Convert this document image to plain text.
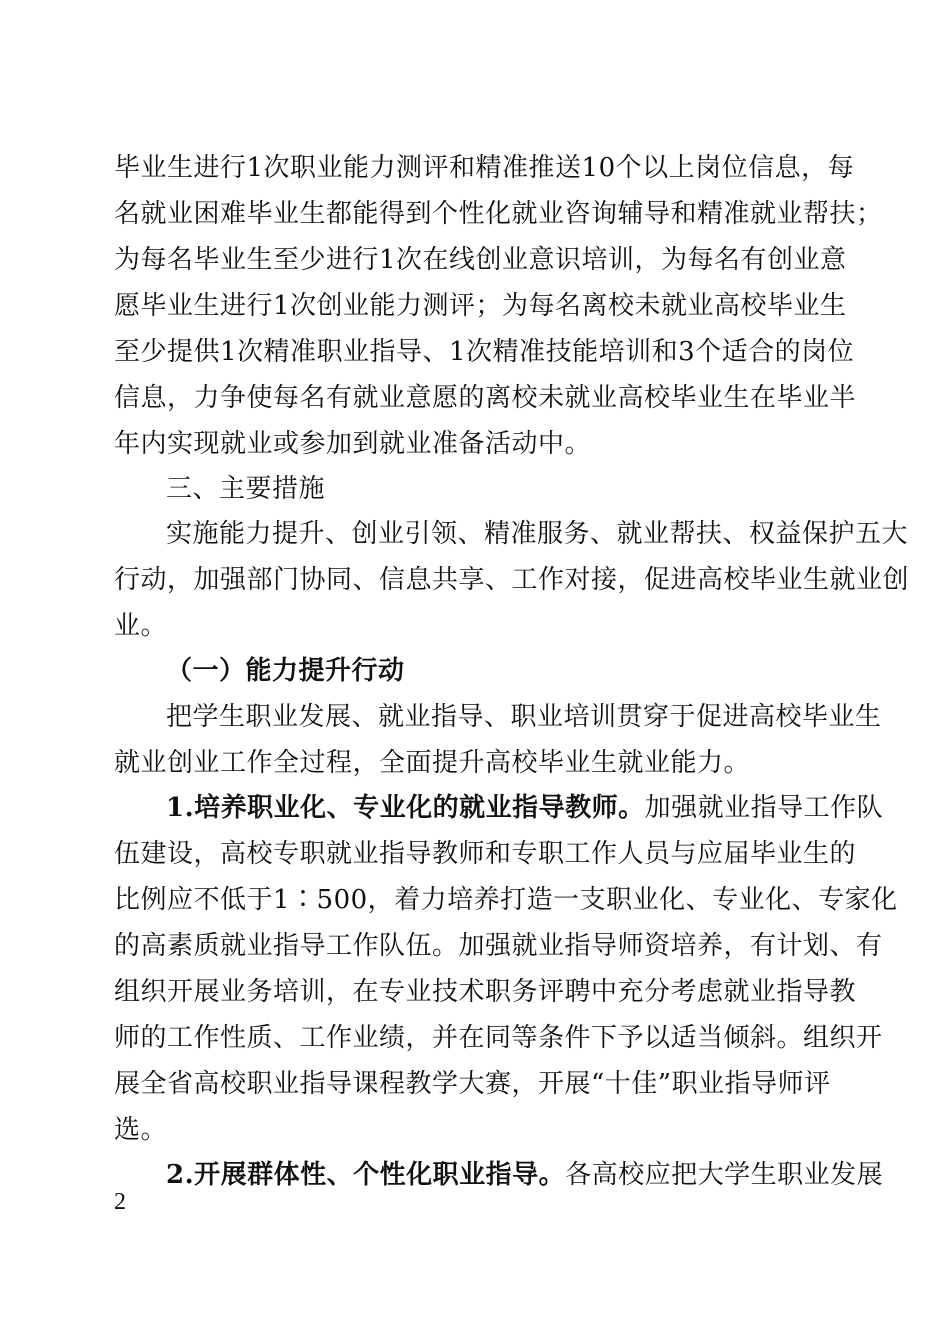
毕业生进行1次职业能力测评和精准推送10个以上岗位信息，每
名就业困难毕业生都能得到个性化就业咨询辅导和精准就业帮扶；
为每名毕业生至少进行1次在线创业意识培训，为每名有创业意
愿毕业生进行1次创业能力测评；为每名离校未就业高校毕业生
至少提供1次精准职业指导、1次精准技能培训和3个适合的岗位
信息，力争使每名有就业意愿的离校未就业高校毕业生在毕业半
年内实现就业或参加到就业准备活动中。
三、主要措施
实施能力提升、创业引领、精准服务、就业帮扶、权益保护五大
行动，加强部门协同、信息共享、工作对接，促进高校毕业生就业创
业。
（一）能力提升行动
把学生职业发展、就业指导、职业培训贯穿于促进高校毕业生
就业创业工作全过程，全面提升高校毕业生就业能力。
1.培养职业化、专业化的就业指导教师。加强就业指导工作队
伍建设，高校专职就业指导教师和专职工作人员与应届毕业生的
比例应不低于1∶500，着力培养打造一支职业化、专业化、专家化
的高素质就业指导工作队伍。加强就业指导师资培养，有计划、有
组织开展业务培训，在专业技术职务评聘中充分考虑就业指导教
师的工作性质、工作业绩，并在同等条件下予以适当倾斜。组织开
展全省高校职业指导课程教学大赛，开展“十佳”职业指导师评
选。
2.开展群体性、个性化职业指导。各高校应把大学生职业发展
2
